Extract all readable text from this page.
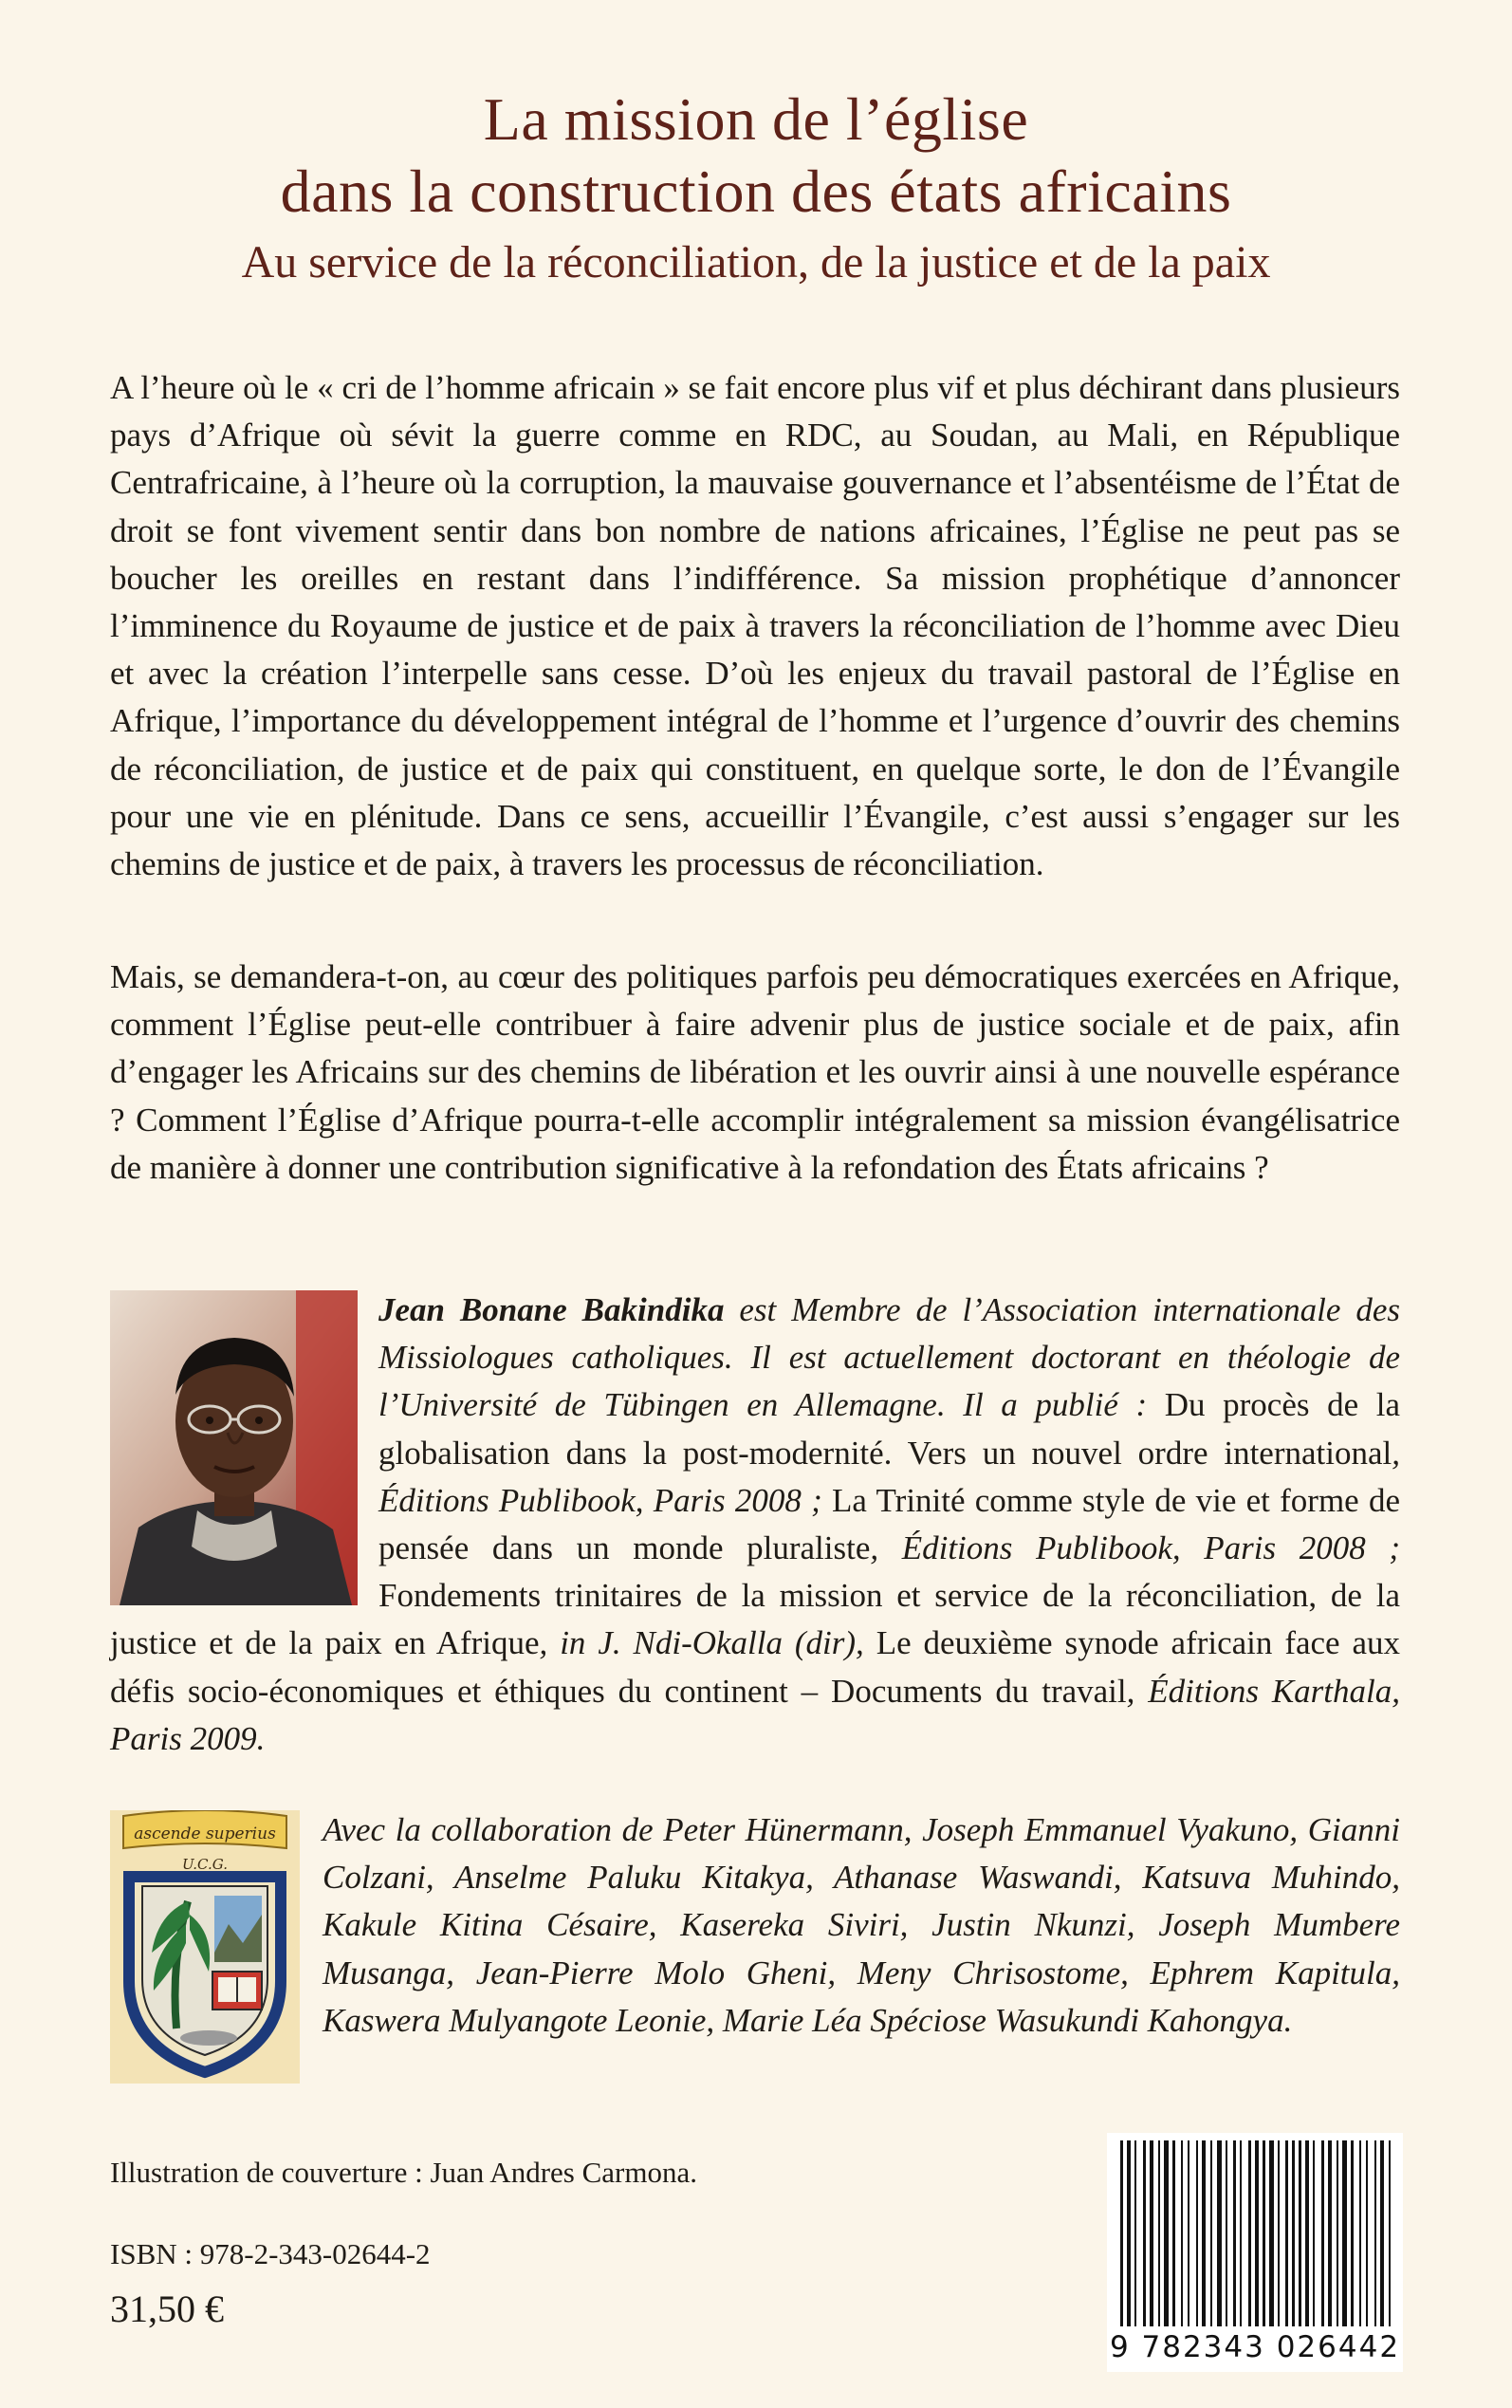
La mission de l’église
dans la construction des états africains
Au service de la réconciliation, de la justice et de la paix

A l’heure où le « cri de l’homme africain » se fait encore plus vif et plus déchirant dans plusieurs pays d’Afrique où sévit la guerre comme en RDC, au Soudan, au Mali, en République Centrafricaine, à l’heure où la corruption, la mauvaise gouvernance et l’absentéisme de l’État de droit se font vivement sentir dans bon nombre de nations africaines, l’Église ne peut pas se boucher les oreilles en restant dans l’indifférence. Sa mission prophétique d’annoncer l’imminence du Royaume de justice et de paix à travers la réconciliation de l’homme avec Dieu et avec la création l’interpelle sans cesse. D’où les enjeux du travail pastoral de l’Église en Afrique, l’importance du développement intégral de l’homme et l’urgence d’ouvrir des chemins de réconciliation, de justice et de paix qui constituent, en quelque sorte, le don de l’Évangile pour une vie en plénitude. Dans ce sens, accueillir l’Évangile, c’est aussi s’engager sur les chemins de justice et de paix, à travers les processus de réconciliation.

Mais, se demandera-t-on, au cœur des politiques parfois peu démocratiques exercées en Afrique, comment l’Église peut-elle contribuer à faire advenir plus de justice sociale et de paix, afin d’engager les Africains sur des chemins de libération et les ouvrir ainsi à une nouvelle espérance ? Comment l’Église d’Afrique pourra-t-elle accomplir intégralement sa mission évangélisatrice de manière à donner une contribution significative à la refondation des États africains ?

Jean Bonane Bakindika est Membre de l’Association internationale des Missiologues catholiques. Il est actuellement doctorant en théologie de l’Université de Tübingen en Allemagne. Il a publié : Du procès de la globalisation dans la post-modernité. Vers un nouvel ordre international, Éditions Publibook, Paris 2008 ; La Trinité comme style de vie et forme de pensée dans un monde pluraliste, Éditions Publibook, Paris 2008 ; Fondements trinitaires de la mission et service de la réconciliation, de la justice et de la paix en Afrique, in J. Ndi-Okalla (dir), Le deuxième synode africain face aux défis socio-économiques et éthiques du continent – Documents du travail, Éditions Karthala, Paris 2009.
ascende superius
U.C.G.
Avec la collaboration de Peter Hünermann, Joseph Emmanuel Vyakuno, Gianni Colzani, Anselme Paluku Kitakya, Athanase Waswandi, Katsuva Muhindo, Kakule Kitina Césaire, Kasereka Siviri, Justin Nkunzi, Joseph Mumbere Musanga, Jean-Pierre Molo Gheni, Meny Chrisostome, Ephrem Kapitula, Kaswera Mulyangote Leonie, Marie Léa Spéciose Wasukundi Kahongya.
Illustration de couverture : Juan Andres Carmona.
ISBN : 978-2-343-02644-2
31,50 €
9 782343 026442
